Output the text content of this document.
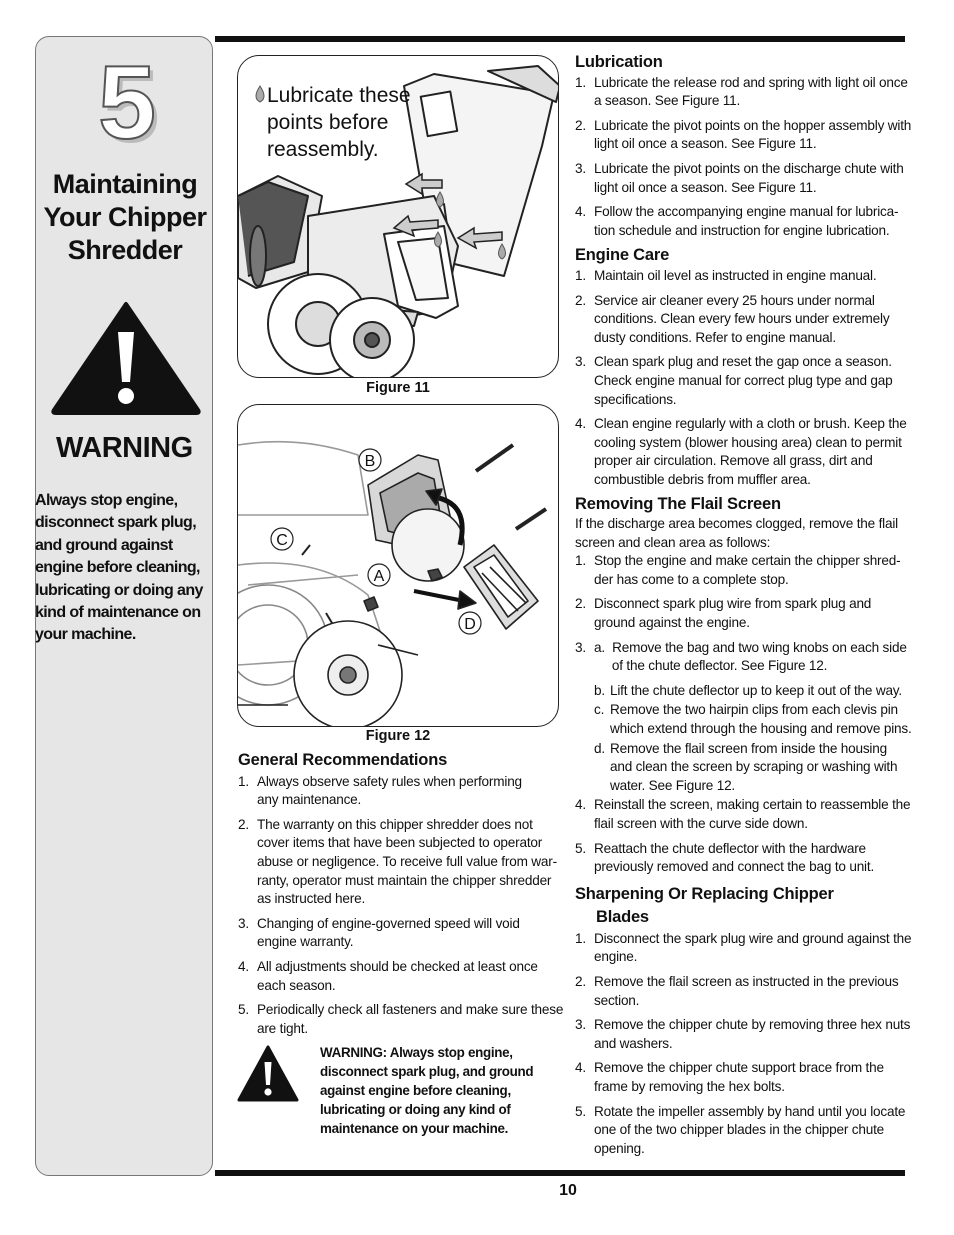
5
Maintaining
Your Chipper
Shredder
WARNING
Always stop engine,
disconnect spark plug,
and ground against
engine before cleaning,
lubricating or doing any
kind of maintenance on
your machine.
Lubricate these
points before
reassembly.
Figure 11
B
C
A
D
Figure 12
General Recommendations
1. Always observe safety rules when performing
any maintenance.
2. The warranty on this chipper shredder does not
cover items that have been subjected to operator
abuse or negligence. To receive full value from war-
ranty, operator must maintain the chipper shredder
as instructed here.
3. Changing of engine-governed speed will void
engine warranty.
4. All adjustments should be checked at least once
each season.
5. Periodically check all fasteners and make sure these
are tight.
WARNING: Always stop engine,
disconnect spark plug, and ground
against engine before cleaning,
lubricating or doing any kind of
maintenance on your machine.
Lubrication
1. Lubricate the release rod and spring with light oil once
a season. See Figure 11.
2. Lubricate the pivot points on the hopper assembly with
light oil once a season. See Figure 11.
3. Lubricate the pivot points on the discharge chute with
light oil once a season. See Figure 11.
4. Follow the accompanying engine manual for lubrica-
tion schedule and instruction for engine lubrication.
Engine Care
1. Maintain oil level as instructed in engine manual.
2. Service air cleaner every 25 hours under normal
conditions. Clean every few hours under extremely
dusty conditions. Refer to engine manual.
3. Clean spark plug and reset the gap once a season.
Check engine manual for correct plug type and gap
specifications.
4. Clean engine regularly with a cloth or brush. Keep the
cooling system (blower housing area) clean to permit
proper air circulation. Remove all grass, dirt and
combustible debris from muffler area.
Removing The Flail Screen

If the discharge area becomes clogged, remove the flail
screen and clean area as follows:

1. Stop the engine and make certain the chipper shred-
der has come to a complete stop.
2. Disconnect spark plug wire from spark plug and
ground against the engine.
3. a.  Remove the bag and two wing knobs on each side
of the chute deflector. See Figure 12.
b. Lift the chute deflector up to keep it out of the way.
c. Remove the two hairpin clips from each clevis pin
which extend through the housing and remove pins.
d. Remove the flail screen from inside the housing
and clean the screen by scraping or washing with
water. See Figure 12.
4. Reinstall the screen, making certain to reassemble the
flail screen with the curve side down.
5. Reattach the chute deflector with the hardware
previously removed and connect the bag to unit.
Sharpening Or Replacing Chipper
Blades
1. Disconnect the spark plug wire and ground against the
engine.
2. Remove the flail screen as instructed in the previous
section.
3. Remove the chipper chute by removing three hex nuts
and washers.
4. Remove the chipper chute support brace from the
frame by removing the hex bolts.
5. Rotate the impeller assembly by hand until you locate
one of the two chipper blades in the chipper chute
opening.
10
